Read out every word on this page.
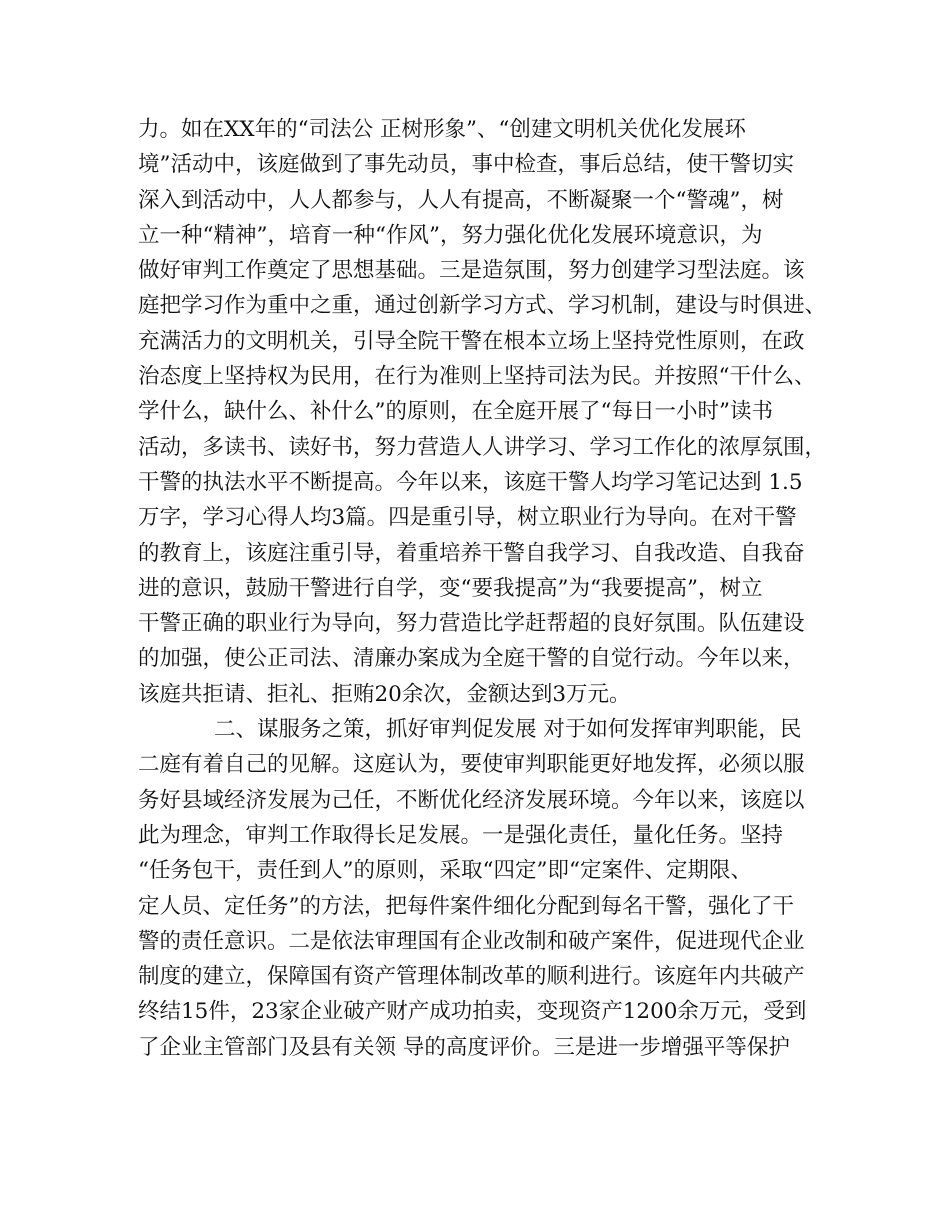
力。如在XX年的“司法公 正树形象”、“创建文明机关优化发展环
境”活动中，该庭做到了事先动员，事中检查，事后总结，使干警切实
深入到活动中，人人都参与，人人有提高，不断凝聚一个“警魂”，树
立一种“精神”，培育一种“作风”，努力强化优化发展环境意识，为
做好审判工作奠定了思想基础。三是造氛围，努力创建学习型法庭。该
庭把学习作为重中之重，通过创新学习方式、学习机制，建设与时俱进、
充满活力的文明机关，引导全院干警在根本立场上坚持党性原则，在政
治态度上坚持权为民用，在行为准则上坚持司法为民。并按照“干什么、
学什么，缺什么、补什么”的原则，在全庭开展了“每日一小时”读书
活动，多读书、读好书，努力营造人人讲学习、学习工作化的浓厚氛围，
干警的执法水平不断提高。今年以来，该庭干警人均学习笔记达到 1.5
万字，学习心得人均3篇。四是重引导，树立职业行为导向。在对干警
的教育上，该庭注重引导，着重培养干警自我学习、自我改造、自我奋
进的意识，鼓励干警进行自学，变“要我提高”为“我要提高”，树立
干警正确的职业行为导向，努力营造比学赶帮超的良好氛围。队伍建设
的加强，使公正司法、清廉办案成为全庭干警的自觉行动。今年以来，
该庭共拒请、拒礼、拒贿20余次，金额达到3万元。
二、谋服务之策，抓好审判促发展 对于如何发挥审判职能，民
二庭有着自己的见解。这庭认为，要使审判职能更好地发挥，必须以服
务好县域经济发展为己任，不断优化经济发展环境。今年以来，该庭以
此为理念，审判工作取得长足发展。一是强化责任，量化任务。坚持
“任务包干，责任到人”的原则，采取“四定”即“定案件、定期限、
定人员、定任务”的方法，把每件案件细化分配到每名干警，强化了干
警的责任意识。二是依法审理国有企业改制和破产案件，促进现代企业
制度的建立，保障国有资产管理体制改革的顺利进行。该庭年内共破产
终结15件，23家企业破产财产成功拍卖，变现资产1200余万元，受到
了企业主管部门及县有关领 导的高度评价。三是进一步增强平等保护
